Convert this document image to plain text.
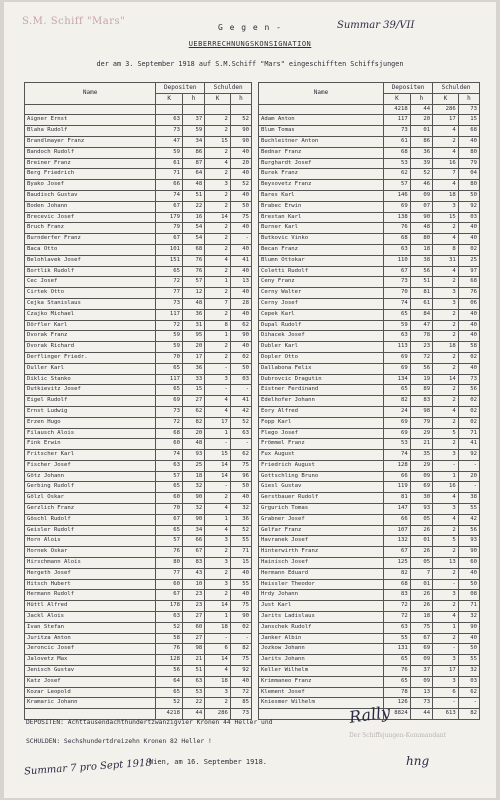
S.M. Schiff "Mars"	Summar 39/VII
G e g e n -
UEBERRECHNUNGSKONSIGNATION
der am 3. September 1918 auf S.M.Schiff "Mars" eingeschifften Schiffsjungen
Name	Depositen		Schulden	
	K	h	K	h

Aigner Ernst	63	37	2	52
Blaha Rudolf	73	59	2	90
Brandlmayer Franz	47	34	15	90
Bandoch Rudolf	59	86	2	40
Breiner Franz	61	87	4	20
Berg Friedrich	71	64	2	40
Byako Josef	66	48	3	52
Baudisch Gustav	74	51	2	40
Boden Johann	67	22	2	50
Brecevic Josef	179	16	14	75
Bruch Franz	79	54	2	40
Burnderfer Franz	67	54	2	-
Baca Otto	101	68	2	40
Belohlavek Josef	151	76	4	41
Bortlik Rudolf	65	76	2	40
Cec Josef	72	57	1	13
Cirtek Otto	77	12	2	40
Cejka Stanislaus	73	48	7	28
Czajko Michael	117	36	2	40
Dörfler Karl	72	31	8	62
Dvorak Franz	59	95	1	90
Dvorak Richard	59	20	2	40
Derflinger Friedr.	70	17	2	02
Duller Karl	65	36	-	50
Diklic Stanko	117	33	3	03
Dutkievitz Josef	65	15	-	-
Eigel Rudolf	69	27	4	41
Ernst Ludwig	73	62	4	42
Erzen Hugo	72	82	17	52
Filausch Alois	68	20	1	63
Fink Erwin	60	48	-	-
Fritscher Karl	74	93	15	62
Fischer Josef	63	25	14	75
Götz Johann	57	18	14	96
Gerbing Rudolf	65	32	-	50
Gölzl Oskar	60	90	2	40
Gerzlich Franz	70	32	4	32
Göschl Rudolf	67	90	1	36
Geisler Rudolf	65	34	4	52
Horn Alois	57	66	3	55
Hornek Oskar	76	67	2	71
Hirschmann Alois	80	83	3	15
Hergeth Josef	77	43	2	40
Hitsch Hubert	60	10	3	55
Hermann Rudolf	67	23	2	40
Hüttl Alfred	178	23	14	75
Jackl Alois	63	27	1	90
Ivan Stefan	52	60	18	02
Juritza Anton	58	27	-	-
Jeroncic Josef	76	98	6	82
Jalovetz Max	128	21	14	75
Jenisch Gustav	56	51	4	92
Katz Josef	64	63	18	40
Kozar Leopold	65	53	3	72
Kramaric Johann	52	22	2	85
	4218	44	286	73
Name	Depositen		Schulden	
	K	h	K	h
	4218	44	286	73
Adam Anton	117	20	17	15
Blum Tomas	73	01	4	68
Buchleitner Anton	61	86	2	40
Bednar Franz	68	36	4	80
Burghardt Josef	53	39	16	79
Burek Franz	62	52	7	04
Beysovetz Franz	57	46	4	80
Bares Karl	146	09	18	50
Brabec Erwin	69	07	3	92
Brestan Karl	138	90	15	03
Burner Karl	76	48	2	40
Butkovic Vinko	68	80	4	40
Becan Franz	63	18	8	02
Blumn Ottokar	110	38	31	25
Coletti Rudolf	67	56	4	97
Ceny Franz	73	51	2	68
Cerny Walter	70	81	3	76
Cerny Josef	74	61	3	06
Cepek Karl	65	84	2	40
Dupal Rudolf	59	47	2	40
Dihacek Josef	63	78	2	40
Dubler Karl	113	23	18	58
Dopler Otto	69	72	2	02
Dallabona Felix	69	56	2	40
Dubrovcic Dragutin	134	19	14	73
Eistner Ferdinand	65	89	2	56
Edelhofer Johann	82	83	2	02
Eory Alfred	24	98	4	02
Fopp Karl	69	79	2	02
Flego Josef	69	29	5	71
Frömmel Franz	53	21	2	41
Fux August	74	35	3	92
Friedrich August	128	29	-	-
Gottschling Bruno	66	09	1	20
Giesl Gustav	119	69	16	-
Gerstbauer Rudolf	81	30	4	38
Grgurich Tomas	147	93	3	55
Grabner Josef	66	05	4	42
Gelfar Franz	107	26	2	56
Havranek Josef	132	01	5	93
Hinterwirth Franz	67	26	2	90
Hainisch Josef	125	05	13	60
Hermann Eduard	82	7	2	40
Heissler Theodor	68	01	-	50
Hrdy Johann	83	26	3	08
Just Karl	72	26	2	71
Jarits Ladislaus	72	18	4	32
Janschek Rudolf	63	75	1	90
Janker Albin	55	67	2	40
Jozkow Johann	131	69	-	50
Jarits Johann	65	09	3	55
Keller Wilhelm	76	37	17	32
Krimmaneo Franz	65	09	3	03
Klement Josef	78	13	6	62
Kniesmer Wilhelm	126	73	-	-
	8824	44	613	82
DEPOSITEN: Achttausendachthundertzwanzigvier Kronen 44 Heller und
SCHULDEN: Sechshundertdreizehn Kronen 82 Heller !
Rally
Der Schiffsjungen-Kommandant
Wien, am 16. September 1918.	hng
Summar 7 pro Sept 1918
